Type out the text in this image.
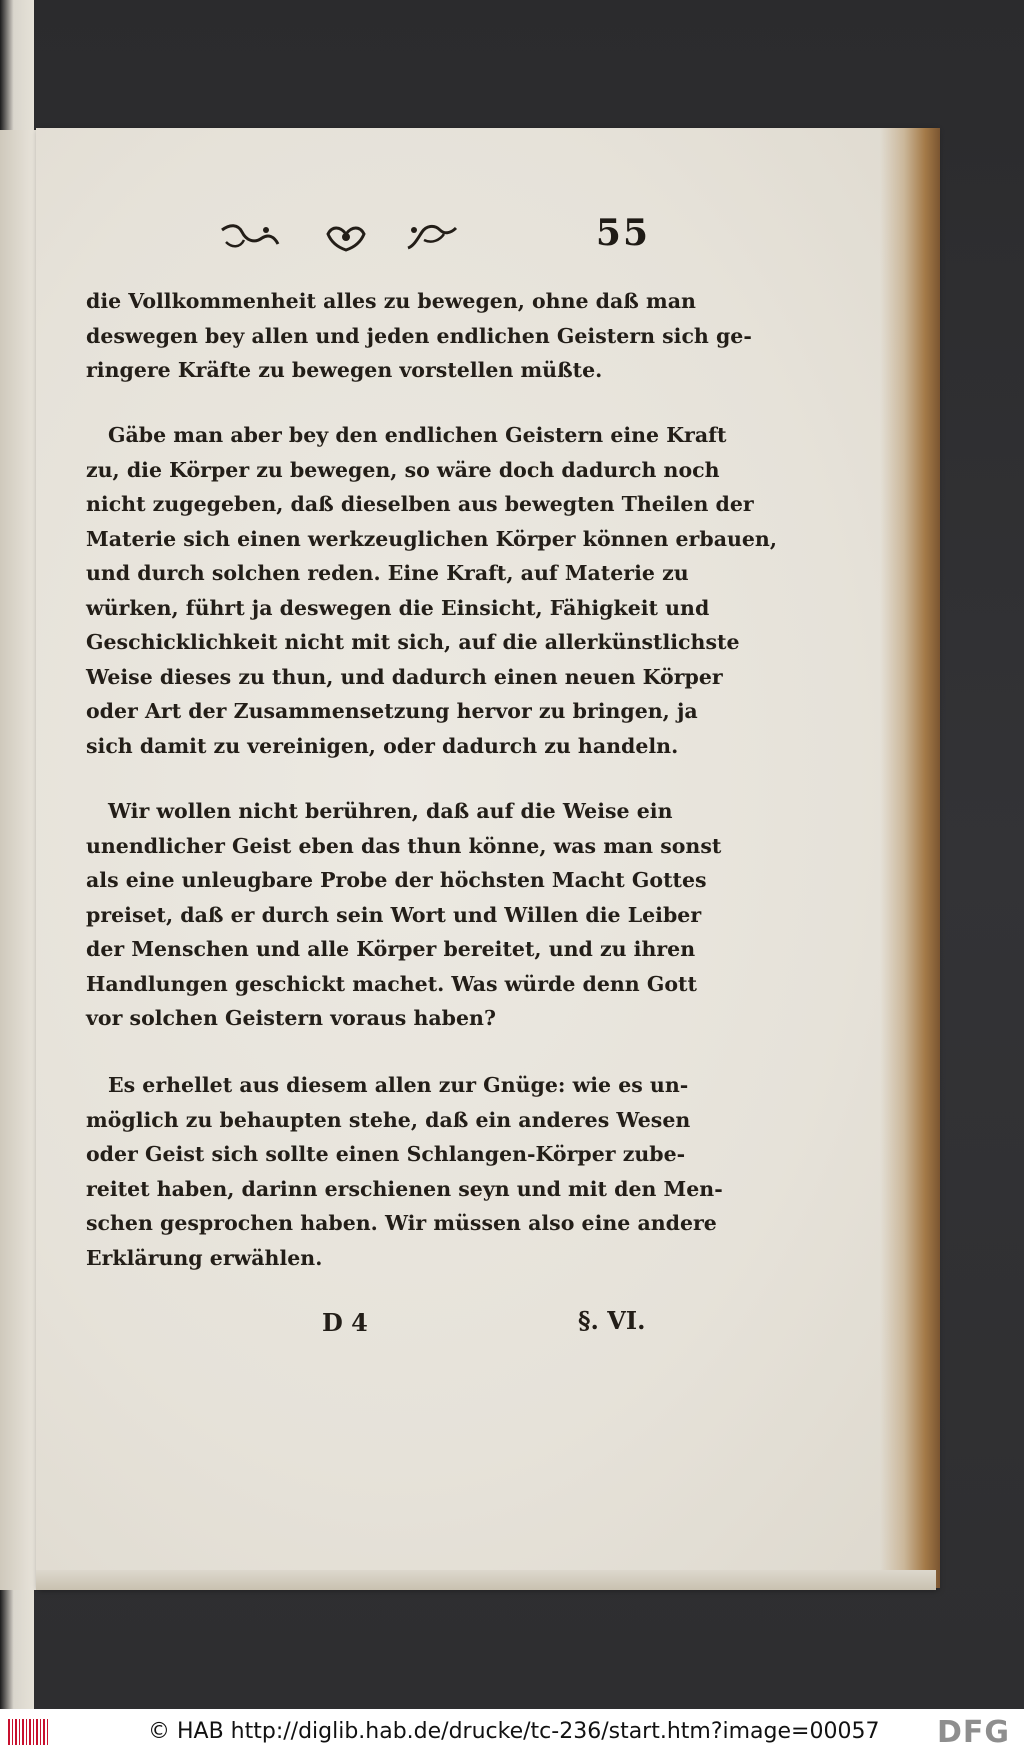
55
die Vollkommenheit alles zu bewegen, ohne daß man
deswegen bey allen und jeden endlichen Geistern sich ge-
ringere Kräfte zu bewegen vorstellen müßte.
Gäbe man aber bey den endlichen Geistern eine Kraft
zu, die Körper zu bewegen, so wäre doch dadurch noch
nicht zugegeben, daß dieselben aus bewegten Theilen der
Materie sich einen werkzeuglichen Körper können erbauen,
und durch solchen reden. Eine Kraft, auf Materie zu
würken, führt ja deswegen die Einsicht, Fähigkeit und
Geschicklichkeit nicht mit sich, auf die allerkünstlichste
Weise dieses zu thun, und dadurch einen neuen Körper
oder Art der Zusammensetzung hervor zu bringen, ja
sich damit zu vereinigen, oder dadurch zu handeln.
Wir wollen nicht berühren, daß auf die Weise ein
unendlicher Geist eben das thun könne, was man sonst
als eine unleugbare Probe der höchsten Macht Gottes
preiset, daß er durch sein Wort und Willen die Leiber
der Menschen und alle Körper bereitet, und zu ihren
Handlungen geschickt machet. Was würde denn Gott
vor solchen Geistern voraus haben?
Es erhellet aus diesem allen zur Gnüge: wie es un-
möglich zu behaupten stehe, daß ein anderes Wesen
oder Geist sich sollte einen Schlangen-Körper zube-
reitet haben, darinn erschienen seyn und mit den Men-
schen gesprochen haben. Wir müssen also eine andere
Erklärung erwählen.
D 4	§. VI.
© HAB http://diglib.hab.de/drucke/tc-236/start.htm?image=00057 DFG
